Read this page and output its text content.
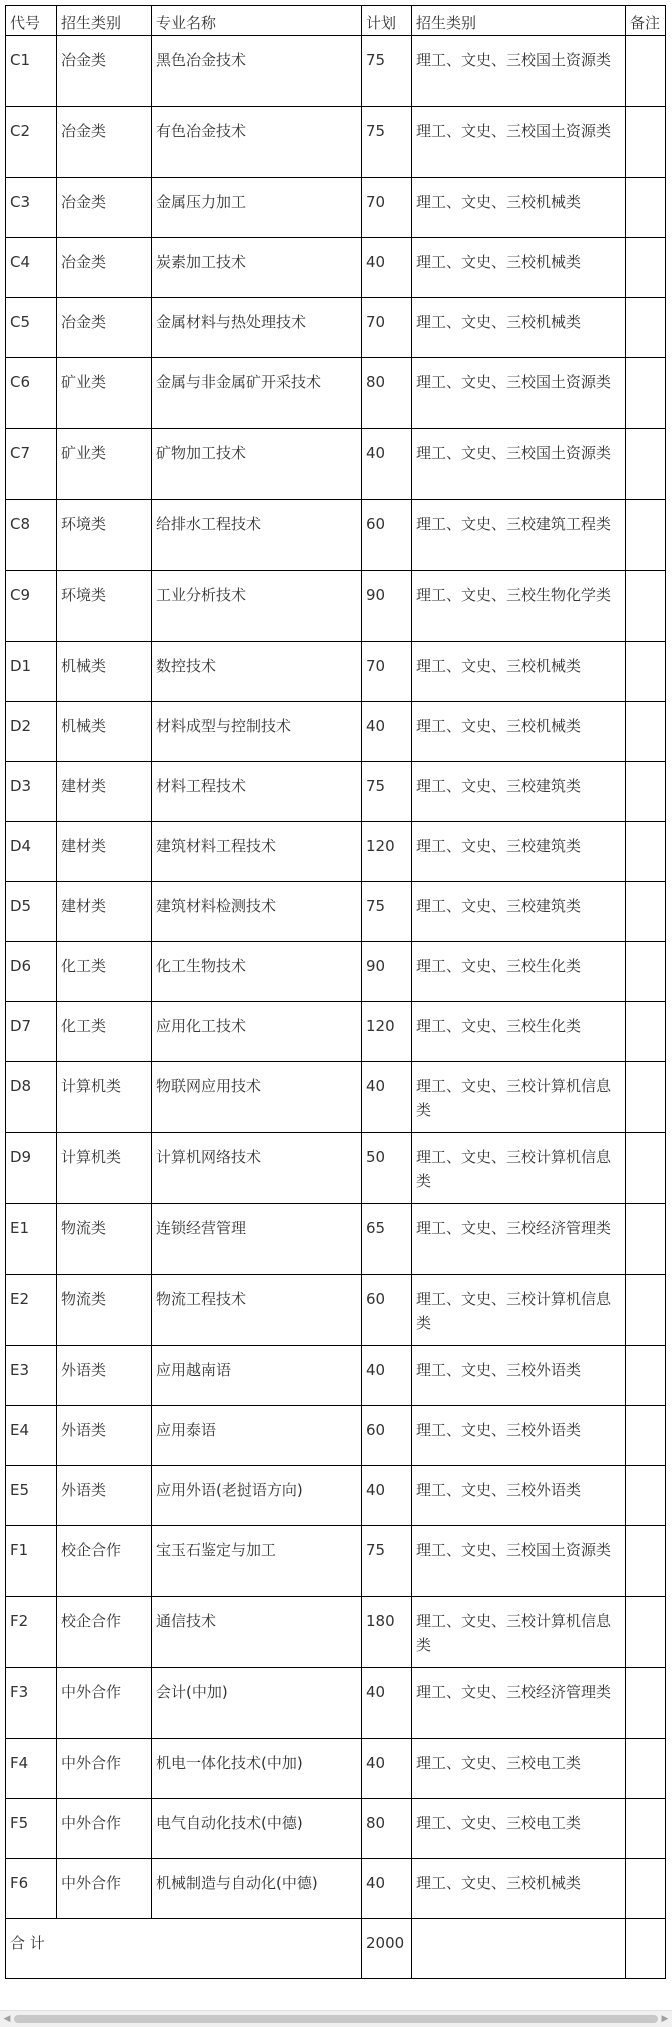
代号	招生类别	专业名称	计划	招生类别	备注
C1	冶金类	黑色冶金技术	75	理工、文史、三校国土资源类	
C2	冶金类	有色冶金技术	75	理工、文史、三校国土资源类	
C3	冶金类	金属压力加工	70	理工、文史、三校机械类	
C4	冶金类	炭素加工技术	40	理工、文史、三校机械类	
C5	冶金类	金属材料与热处理技术	70	理工、文史、三校机械类	
C6	矿业类	金属与非金属矿开采技术	80	理工、文史、三校国土资源类	
C7	矿业类	矿物加工技术	40	理工、文史、三校国土资源类	
C8	环境类	给排水工程技术	60	理工、文史、三校建筑工程类	
C9	环境类	工业分析技术	90	理工、文史、三校生物化学类	
D1	机械类	数控技术	70	理工、文史、三校机械类	
D2	机械类	材料成型与控制技术	40	理工、文史、三校机械类	
D3	建材类	材料工程技术	75	理工、文史、三校建筑类	
D4	建材类	建筑材料工程技术	120	理工、文史、三校建筑类	
D5	建材类	建筑材料检测技术	75	理工、文史、三校建筑类	
D6	化工类	化工生物技术	90	理工、文史、三校生化类	
D7	化工类	应用化工技术	120	理工、文史、三校生化类	
D8	计算机类	物联网应用技术	40	理工、文史、三校计算机信息类	
D9	计算机类	计算机网络技术	50	理工、文史、三校计算机信息类	
E1	物流类	连锁经营管理	65	理工、文史、三校经济管理类	
E2	物流类	物流工程技术	60	理工、文史、三校计算机信息类	
E3	外语类	应用越南语	40	理工、文史、三校外语类	
E4	外语类	应用泰语	60	理工、文史、三校外语类	
E5	外语类	应用外语(老挝语方向)	40	理工、文史、三校外语类	
F1	校企合作	宝玉石鉴定与加工	75	理工、文史、三校国土资源类	
F2	校企合作	通信技术	180	理工、文史、三校计算机信息类	
F3	中外合作	会计(中加)	40	理工、文史、三校经济管理类	
F4	中外合作	机电一体化技术(中加)	40	理工、文史、三校电工类	
F5	中外合作	电气自动化技术(中德)	80	理工、文史、三校电工类	
F6	中外合作	机械制造与自动化(中德)	40	理工、文史、三校机械类	
合 计			2000		
◀	▶
